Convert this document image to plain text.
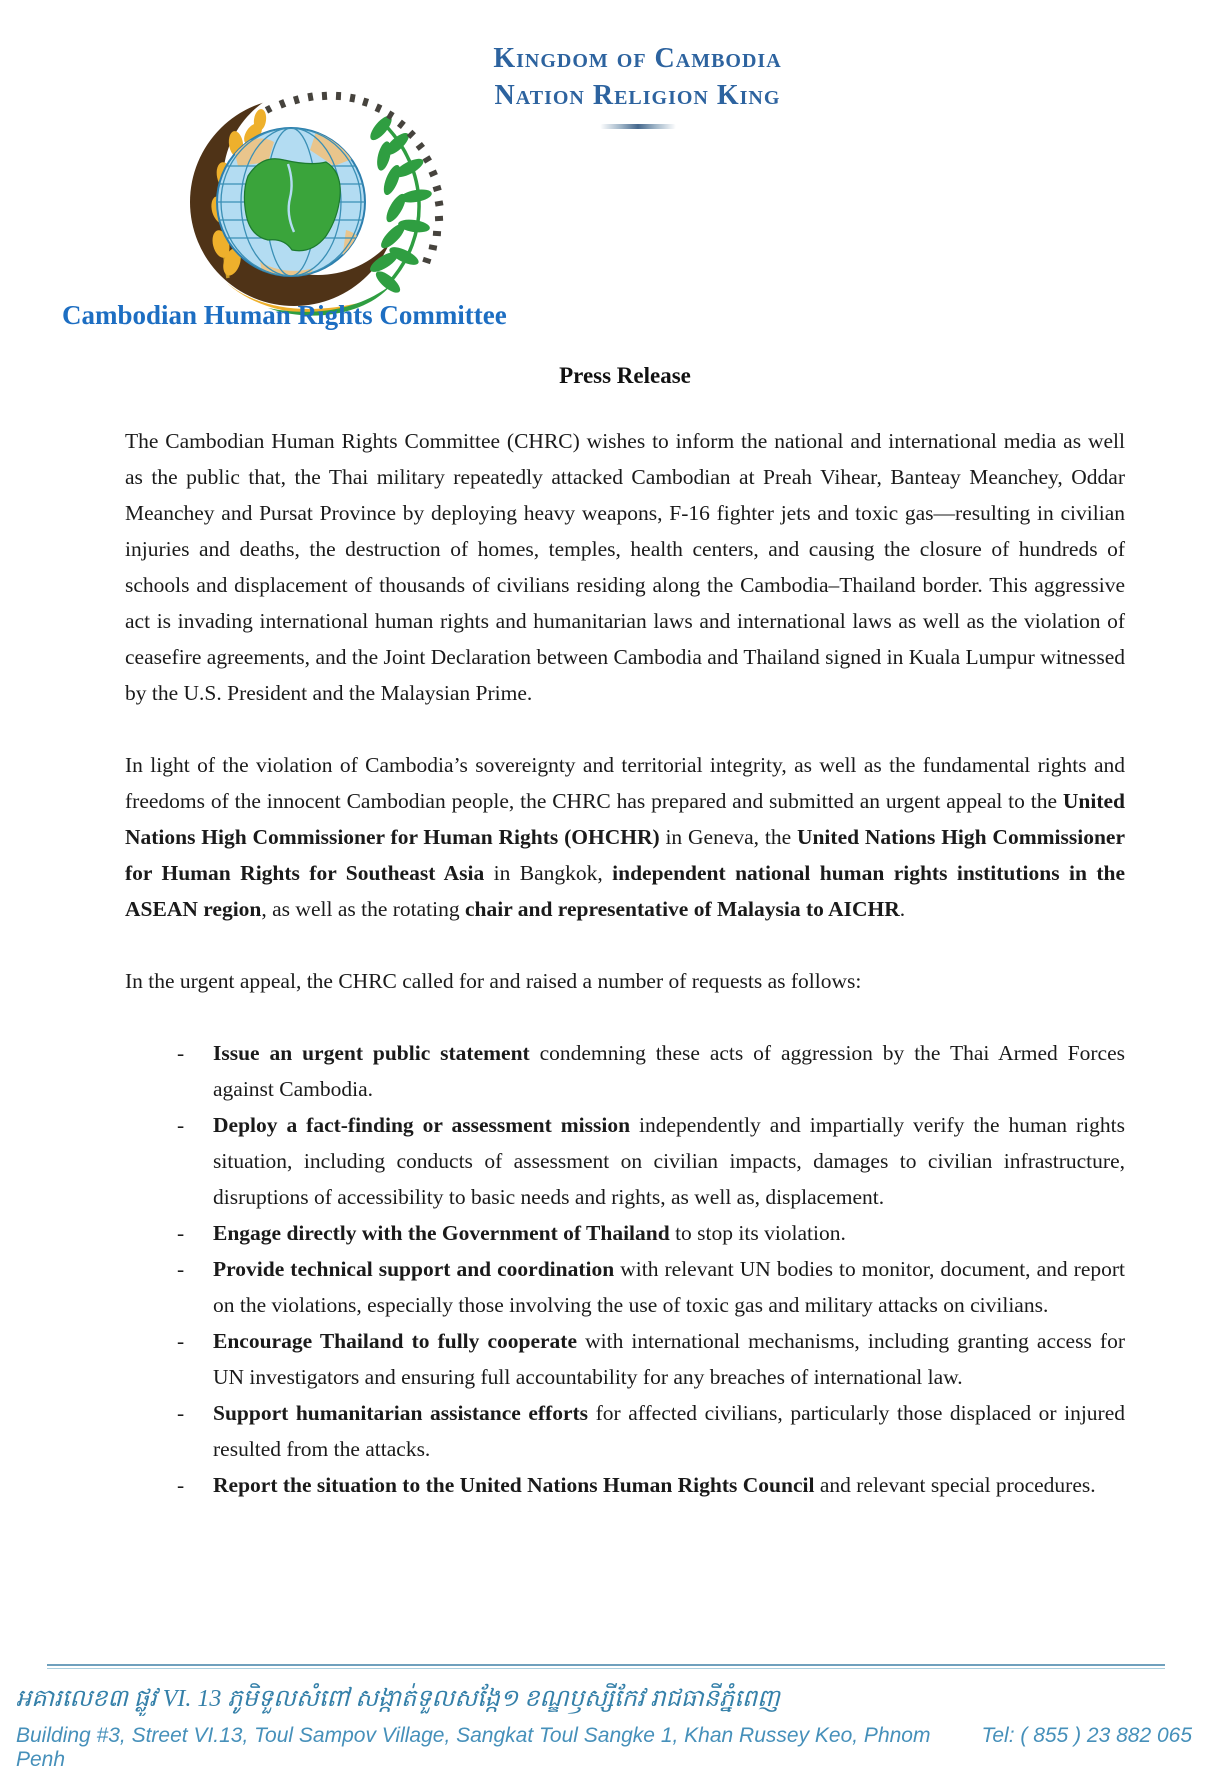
Kingdom of Cambodia
Nation Religion King
Cambodian Human Rights Committee
Press Release

The Cambodian Human Rights Committee (CHRC) wishes to inform the national and international media as well as the public that, the Thai military repeatedly attacked Cambodian at Preah Vihear, Banteay Meanchey, Oddar Meanchey and Pursat Province by deploying heavy weapons, F-16 fighter jets and toxic gas—resulting in civilian injuries and deaths, the destruction of homes, temples, health centers, and causing the closure of hundreds of schools and displacement of thousands of civilians residing along the Cambodia–Thailand border. This aggressive act is invading international human rights and humanitarian laws and international laws as well as the violation of ceasefire agreements, and the Joint Declaration between Cambodia and Thailand signed in Kuala Lumpur witnessed by the U.S. President and the Malaysian Prime.

In light of the violation of Cambodia’s sovereignty and territorial integrity, as well as the fundamental rights and freedoms of the innocent Cambodian people, the CHRC has prepared and submitted an urgent appeal to the United Nations High Commissioner for Human Rights (OHCHR) in Geneva, the United Nations High Commissioner for Human Rights for Southeast Asia in Bangkok, independent national human rights institutions in the ASEAN region, as well as the rotating chair and representative of Malaysia to AICHR.

In the urgent appeal, the CHRC called for and raised a number of requests as follows:

- Issue an urgent public statement condemning these acts of aggression by the Thai Armed Forces against Cambodia.
- Deploy a fact-finding or assessment mission independently and impartially verify the human rights situation, including conducts of assessment on civilian impacts, damages to civilian infrastructure, disruptions of accessibility to basic needs and rights, as well as, displacement.
- Engage directly with the Government of Thailand to stop its violation.
- Provide technical support and coordination with relevant UN bodies to monitor, document, and report on the violations, especially those involving the use of toxic gas and military attacks on civilians.
- Encourage Thailand to fully cooperate with international mechanisms, including granting access for UN investigators and ensuring full accountability for any breaches of international law.
- Support humanitarian assistance efforts for affected civilians, particularly those displaced or injured resulted from the attacks.
- Report the situation to the United Nations Human Rights Council and relevant special procedures.
អគារលេខ៣ ផ្លូវ VI. 13 ភូមិទួលសំពៅ សង្កាត់ទួលសង្កែ១ ខណ្ឌឫស្សីកែវ រាជធានីភ្នំពេញ
Building #3, Street VI.13, Toul Sampov Village, Sangkat Toul Sangke 1, Khan Russey Keo, Phnom Penh
Tel: ( 855 ) 23 882 065
